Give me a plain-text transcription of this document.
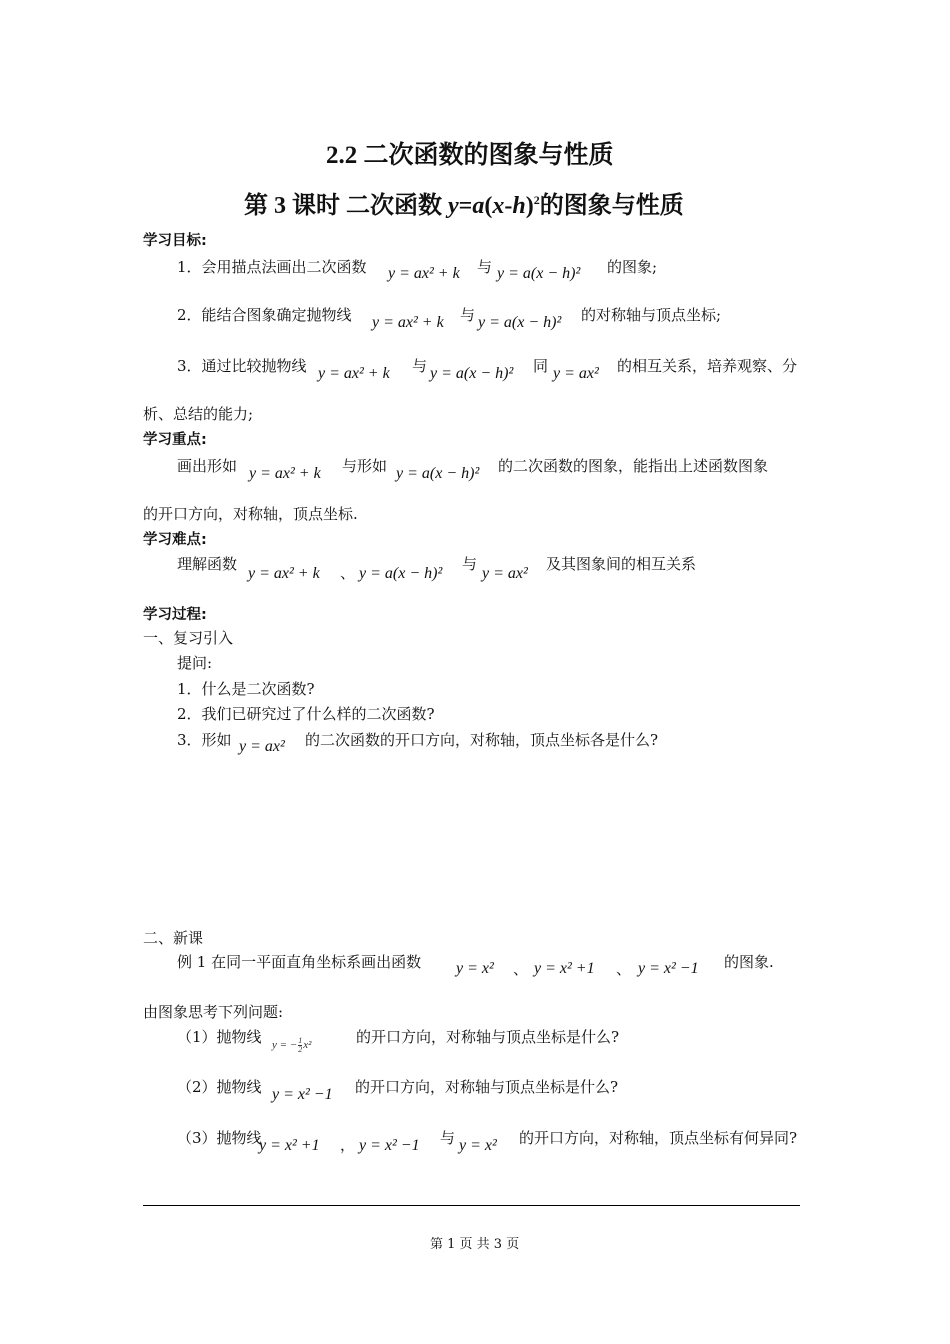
2.2 二次函数的图象与性质
第 3 课时 二次函数 $y=a(x-h)^2$的图象与性质
学习目标:
1．会用描点法画出二次函数 y = ax² + k 与 y = a(x − h)² 的图象;
2．能结合图象确定抛物线 y = ax² + k 与 y = a(x − h)² 的对称轴与顶点坐标;
3．通过比较抛物线 y = ax² + k 与 y = a(x − h)² 同 y = ax² 的相互关系，培养观察、分
析、总结的能力;
学习重点:
画出形如 y = ax² + k 与形如 y = a(x − h)² 的二次函数的图象，能指出上述函数图象
的开口方向，对称轴，顶点坐标.
学习难点:
理解函数
y = ax² + k 、 y = a(x − h)²
与
y = ax²
及其图象间的相互关系
学习过程:
一、复习引入
提问:
1．什么是二次函数?
2．我们已研究过了什么样的二次函数?
3．形如 y = ax² 的二次函数的开口方向，对称轴，顶点坐标各是什么?
二、新课
例 1 在同一平面直角坐标系画出函数 y = x² 、 y = x² +1 、 y = x² −1 的图象.
由图象思考下列问题:
（1）抛物线 y = − $\frac{1}{2} x^2$	的开口方向，对称轴与顶点坐标是什么?
（2）抛物线 y = x² −1 的开口方向，对称轴与顶点坐标是什么?
（3）抛物线
y = x² +1 ， y = x² −1 与 y = x² 的开口方向，对称轴，顶点坐标有何异同?
第 1 页 共 3 页
